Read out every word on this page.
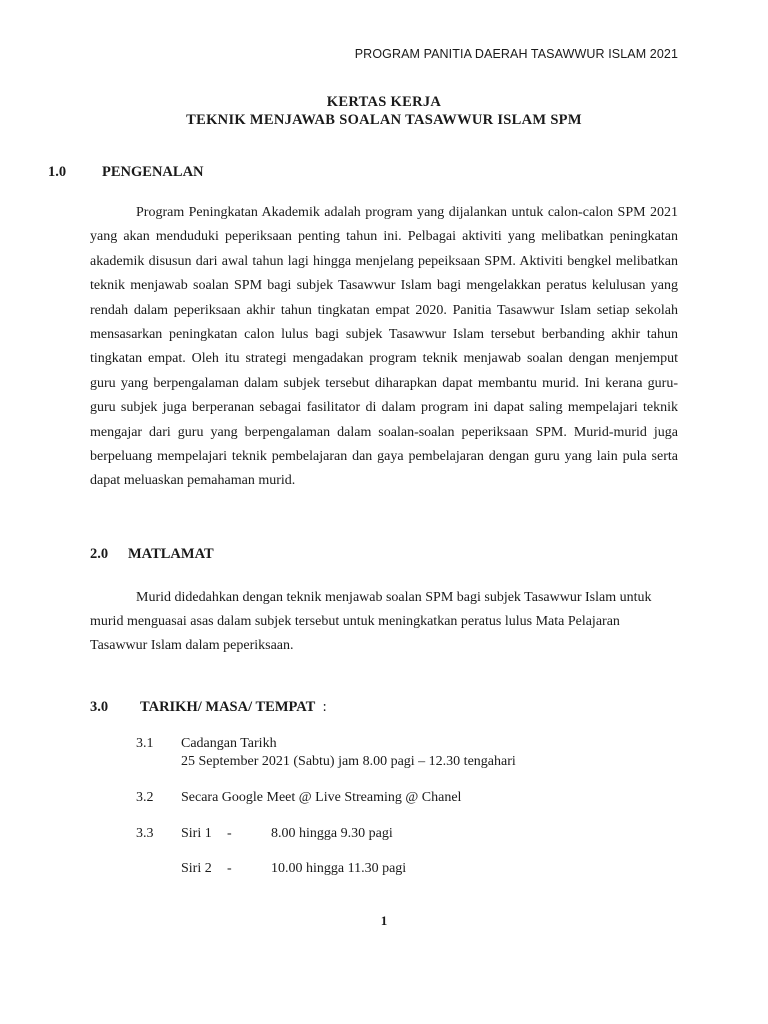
PROGRAM PANITIA DAERAH TASAWWUR ISLAM 2021
KERTAS KERJA
TEKNIK MENJAWAB SOALAN TASAWWUR ISLAM SPM
1.0 PENGENALAN

Program Peningkatan Akademik adalah program yang dijalankan untuk calon-calon SPM 2021 yang akan menduduki peperiksaan penting tahun ini. Pelbagai aktiviti yang melibatkan peningkatan akademik disusun dari awal tahun lagi hingga menjelang pepeiksaan SPM. Aktiviti bengkel melibatkan teknik menjawab soalan SPM bagi subjek Tasawwur Islam bagi mengelakkan peratus kelulusan yang rendah dalam peperiksaan akhir tahun tingkatan empat 2020. Panitia Tasawwur Islam setiap sekolah mensasarkan peningkatan calon lulus bagi subjek Tasawwur Islam tersebut berbanding akhir tahun tingkatan empat. Oleh itu strategi mengadakan program teknik menjawab soalan dengan menjemput guru yang berpengalaman dalam subjek tersebut diharapkan dapat membantu murid. Ini kerana guru-guru subjek juga berperanan sebagai fasilitator di dalam program ini dapat saling mempelajari teknik mengajar dari guru yang berpengalaman dalam soalan-soalan peperiksaan SPM. Murid-murid juga berpeluang mempelajari teknik pembelajaran dan gaya pembelajaran dengan guru yang lain pula serta dapat meluaskan pemahaman murid.

2.0 MATLAMAT

Murid didedahkan dengan teknik menjawab soalan SPM bagi subjek Tasawwur Islam untuk murid menguasai asas dalam subjek tersebut untuk meningkatkan peratus lulus Mata Pelajaran Tasawwur Islam dalam peperiksaan.

3.0 TARIKH/ MASA/ TEMPAT :
3.1 Cadangan Tarikh
25 September 2021 (Sabtu) jam 8.00 pagi – 12.30 tengahari
3.2 Secara Google Meet @ Live Streaming @ Chanel
3.3 Siri 1 -	8.00 hingga 9.30 pagi
Siri 2 -	10.00 hingga 11.30 pagi
1
